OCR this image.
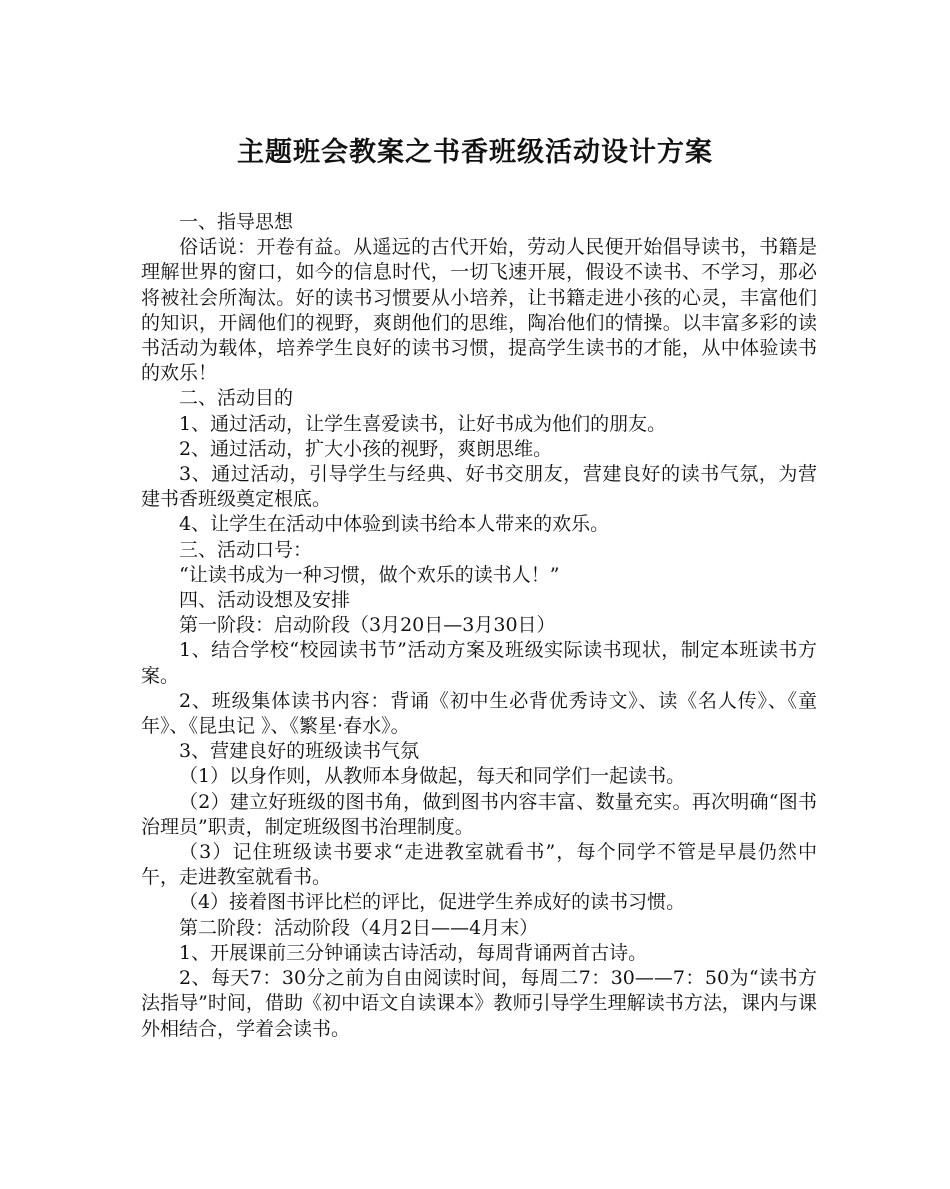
主题班会教案之书香班级活动设计方案

一、指导思想

俗话说：开卷有益。从遥远的古代开始，劳动人民便开始倡导读书，书籍是理解世界的窗口，如今的信息时代，一切飞速开展，假设不读书、不学习，那必将被社会所淘汰。好的读书习惯要从小培养，让书籍走进小孩的心灵，丰富他们的知识，开阔他们的视野，爽朗他们的思维，陶冶他们的情操。以丰富多彩的读书活动为载体，培养学生良好的读书习惯，提高学生读书的才能，从中体验读书的欢乐！

二、活动目的

1、通过活动，让学生喜爱读书，让好书成为他们的朋友。

2、通过活动，扩大小孩的视野，爽朗思维。

3、通过活动，引导学生与经典、好书交朋友，营建良好的读书气氛，为营建书香班级奠定根底。

4、让学生在活动中体验到读书给本人带来的欢乐。

三、活动口号：

“让读书成为一种习惯，做个欢乐的读书人！”

四、活动设想及安排

第一阶段：启动阶段（3月20日—3月30日）

1、结合学校“校园读书节”活动方案及班级实际读书现状，制定本班读书方案。

2、班级集体读书内容：背诵《初中生必背优秀诗文》、读《名人传》、《童年》、《昆虫记 》、《繁星·春水》。

3、营建良好的班级读书气氛

（1）以身作则，从教师本身做起，每天和同学们一起读书。

（2）建立好班级的图书角，做到图书内容丰富、数量充实。再次明确“图书治理员”职责，制定班级图书治理制度。

（3）记住班级读书要求“走进教室就看书”，每个同学不管是早晨仍然中午，走进教室就看书。

（4）接着图书评比栏的评比，促进学生养成好的读书习惯。

第二阶段：活动阶段（4月2日——4月末）

1、开展课前三分钟诵读古诗活动，每周背诵两首古诗。

2、每天7：30分之前为自由阅读时间，每周二7：30——7：50为“读书方法指导”时间，借助《初中语文自读课本》教师引导学生理解读书方法，课内与课外相结合，学着会读书。
